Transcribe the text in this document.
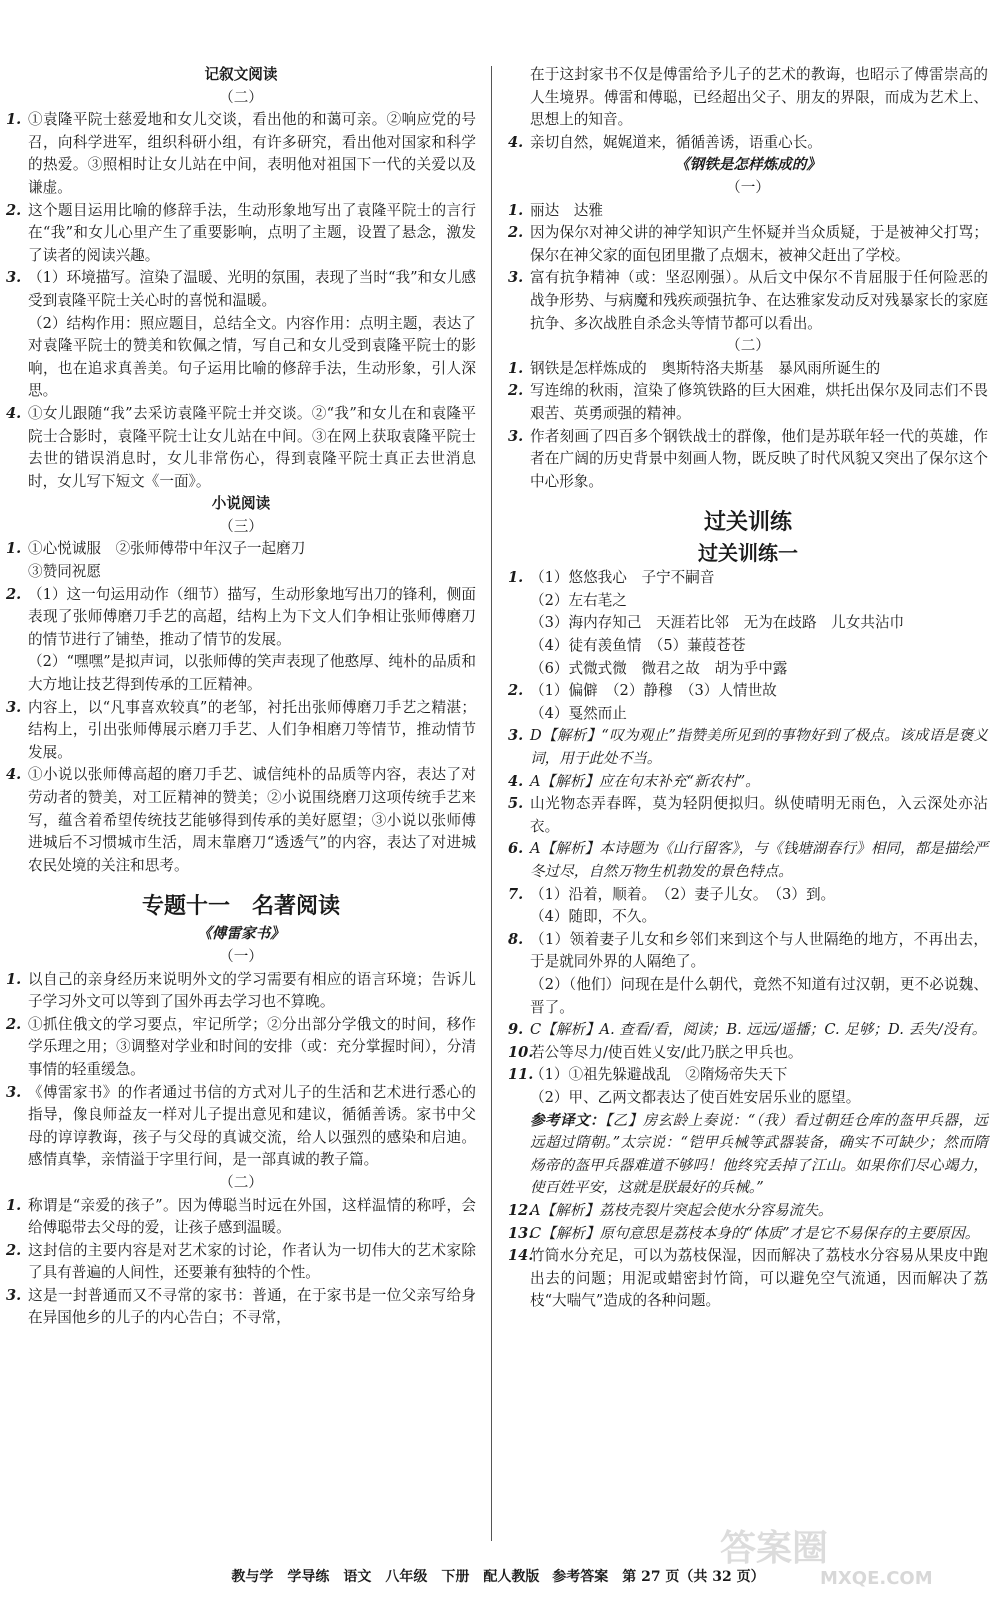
记叙文阅读
（二）
1. ①袁隆平院士慈爱地和女儿交谈，看出他的和蔼可亲。②响应党的号召，向科学进军，组织科研小组，有许多研究，看出他对国家和科学的热爱。③照相时让女儿站在中间，表明他对祖国下一代的关爱以及谦虚。
2. 这个题目运用比喻的修辞手法，生动形象地写出了袁隆平院士的言行在“我”和女儿心里产生了重要影响，点明了主题，设置了悬念，激发了读者的阅读兴趣。
3. （1）环境描写。渲染了温暖、光明的氛围，表现了当时“我”和女儿感受到袁隆平院士关心时的喜悦和温暖。
（2）结构作用：照应题目，总结全文。内容作用：点明主题，表达了对袁隆平院士的赞美和钦佩之情，写自己和女儿受到袁隆平院士的影响，也在追求真善美。句子运用比喻的修辞手法，生动形象，引人深思。
4. ①女儿跟随“我”去采访袁隆平院士并交谈。②“我”和女儿在和袁隆平院士合影时，袁隆平院士让女儿站在中间。③在网上获取袁隆平院士去世的错误消息时，女儿非常伤心，得到袁隆平院士真正去世消息时，女儿写下短文《一面》。
小说阅读
（三）
1. ①心悦诚服　②张师傅带中年汉子一起磨刀
③赞同祝愿
2. （1）这一句运用动作（细节）描写，生动形象地写出刀的锋利，侧面表现了张师傅磨刀手艺的高超，结构上为下文人们争相让张师傅磨刀的情节进行了铺垫，推动了情节的发展。
（2）“嘿嘿”是拟声词，以张师傅的笑声表现了他憨厚、纯朴的品质和大方地让技艺得到传承的工匠精神。
3. 内容上，以“凡事喜欢较真”的老邹，衬托出张师傅磨刀手艺之精湛；结构上，引出张师傅展示磨刀手艺、人们争相磨刀等情节，推动情节发展。
4. ①小说以张师傅高超的磨刀手艺、诚信纯朴的品质等内容，表达了对劳动者的赞美，对工匠精神的赞美；②小说围绕磨刀这项传统手艺来写，蕴含着希望传统技艺能够得到传承的美好愿望；③小说以张师傅进城后不习惯城市生活，周末靠磨刀“透透气”的内容，表达了对进城农民处境的关注和思考。
专题十一　名著阅读
《傅雷家书》
（一）
1. 以自己的亲身经历来说明外文的学习需要有相应的语言环境；告诉儿子学习外文可以等到了国外再去学习也不算晚。
2. ①抓住俄文的学习要点，牢记所学；②分出部分学俄文的时间，移作学乐理之用；③调整对学业和时间的安排（或：充分掌握时间），分清事情的轻重缓急。
3. 《傅雷家书》的作者通过书信的方式对儿子的生活和艺术进行悉心的指导，像良师益友一样对儿子提出意见和建议，循循善诱。家书中父母的谆谆教诲，孩子与父母的真诚交流，给人以强烈的感染和启迪。感情真挚，亲情溢于字里行间，是一部真诚的教子篇。
（二）
1. 称谓是“亲爱的孩子”。因为傅聪当时远在外国，这样温情的称呼，会给傅聪带去父母的爱，让孩子感到温暖。
2. 这封信的主要内容是对艺术家的讨论，作者认为一切伟大的艺术家除了具有普遍的人间性，还要兼有独特的个性。
3. 这是一封普通而又不寻常的家书：普通，在于家书是一位父亲写给身在异国他乡的儿子的内心告白；不寻常，
在于这封家书不仅是傅雷给予儿子的艺术的教诲，也昭示了傅雷崇高的人生境界。傅雷和傅聪，已经超出父子、朋友的界限，而成为艺术上、思想上的知音。
4. 亲切自然，娓娓道来，循循善诱，语重心长。
《钢铁是怎样炼成的》
（一）
1. 丽达　达雅
2. 因为保尔对神父讲的神学知识产生怀疑并当众质疑，于是被神父打骂；保尔在神父家的面包团里撒了点烟末，被神父赶出了学校。
3. 富有抗争精神（或：坚忍刚强）。从后文中保尔不肯屈服于任何险恶的战争形势、与病魔和残疾顽强抗争、在达雅家发动反对残暴家长的家庭抗争、多次战胜自杀念头等情节都可以看出。
（二）
1. 钢铁是怎样炼成的　奥斯特洛夫斯基　暴风雨所诞生的
2. 写连绵的秋雨，渲染了修筑铁路的巨大困难，烘托出保尔及同志们不畏艰苦、英勇顽强的精神。
3. 作者刻画了四百多个钢铁战士的群像，他们是苏联年轻一代的英雄，作者在广阔的历史背景中刻画人物，既反映了时代风貌又突出了保尔这个中心形象。
过关训练
过关训练一
1. （1）悠悠我心　子宁不嗣音
（2）左右芼之
（3）海内存知己　天涯若比邻　无为在歧路　儿女共沾巾
（4）徒有羡鱼情　（5）蒹葭苍苍
（6）式微式微　微君之故　胡为乎中露
2. （1）偏僻　（2）静穆　（3）人情世故
（4）戛然而止
3. D【解析】“叹为观止”指赞美所见到的事物好到了极点。该成语是褒义词，用于此处不当。
4. A【解析】应在句末补充“新农村”。
5. 山光物态弄春晖，莫为轻阴便拟归。纵使晴明无雨色，入云深处亦沾衣。
6. A【解析】本诗题为《山行留客》，与《钱塘湖春行》相同，都是描绘严冬过尽，自然万物生机勃发的景色特点。
7. （1）沿着，顺着。　（2）妻子儿女。　（3）到。
（4）随即，不久。
8. （1）领着妻子儿女和乡邻们来到这个与人世隔绝的地方，不再出去，于是就同外界的人隔绝了。
（2）（他们）问现在是什么朝代，竟然不知道有过汉朝，更不必说魏、晋了。
9. C【解析】A. 查看/看，阅读；B. 远远/遥播；C. 足够；D. 丢失/没有。
10.
若公等尽力/使百姓乂安/此乃朕之甲兵也。
11.
（1）①祖先躲避战乱　②隋炀帝失天下
（2）甲、乙两文都表达了使百姓安居乐业的愿望。
参考译文：【乙】房玄龄上奏说：“（我）看过朝廷仓库的盔甲兵器，远远超过隋朝。”太宗说：“铠甲兵械等武器装备，确实不可缺少；然而隋炀帝的盔甲兵器难道不够吗！他终究丢掉了江山。如果你们尽心竭力，使百姓平安，这就是朕最好的兵械。”
12.
A【解析】荔枝壳裂片突起会使水分容易流失。
13.
C【解析】原句意思是荔枝本身的“体质”才是它不易保存的主要原因。
14.
竹筒水分充足，可以为荔枝保湿，因而解决了荔枝水分容易从果皮中跑出去的问题；用泥或蜡密封竹筒，可以避免空气流通，因而解决了荔枝“大喘气”造成的各种问题。
答案圈
MXQE.COM
教与学　学导练　语文　八年级　下册　配人教版 参考答案　第 27 页（共 32 页）
